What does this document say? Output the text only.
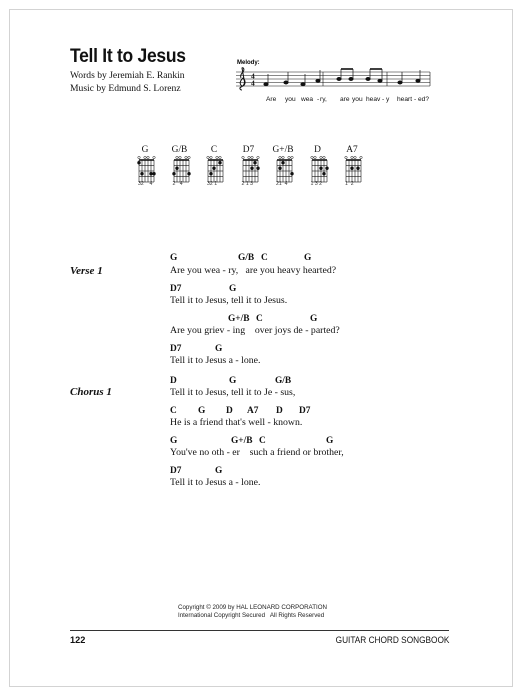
Tell It to Jesus
Words by Jeremiah E. Rankin
Music by Edmund S. Lorenz
Melody:
4
4
Are you wea - ry, are you heav - y heart - ed?
G
32    4
G/B
2   4
C
32 1
D7
2 1 3
G+/B
21  4
D
1 3 2
A7
1  2
Verse 1
G	G/B C	G
Are you wea - ry,   are you heavy hearted?
D7	G
Tell it to Jesus, tell it to Jesus.
G+/B C	G
Are you griev - ing    over joys de - parted?
D7	G
Tell it to Jesus a - lone.
Chorus 1
D	G	G/B
Tell it to Jesus, tell it to Je - sus,
C G D A7 D D7
He is a friend that's well - known.
G	G+/B C	G
You've no oth - er    such a friend or brother,
D7	G
Tell it to Jesus a - lone.
Copyright © 2009 by HAL LEONARD CORPORATION
International Copyright Secured   All Rights Reserved
122	GUITAR CHORD SONGBOOK
